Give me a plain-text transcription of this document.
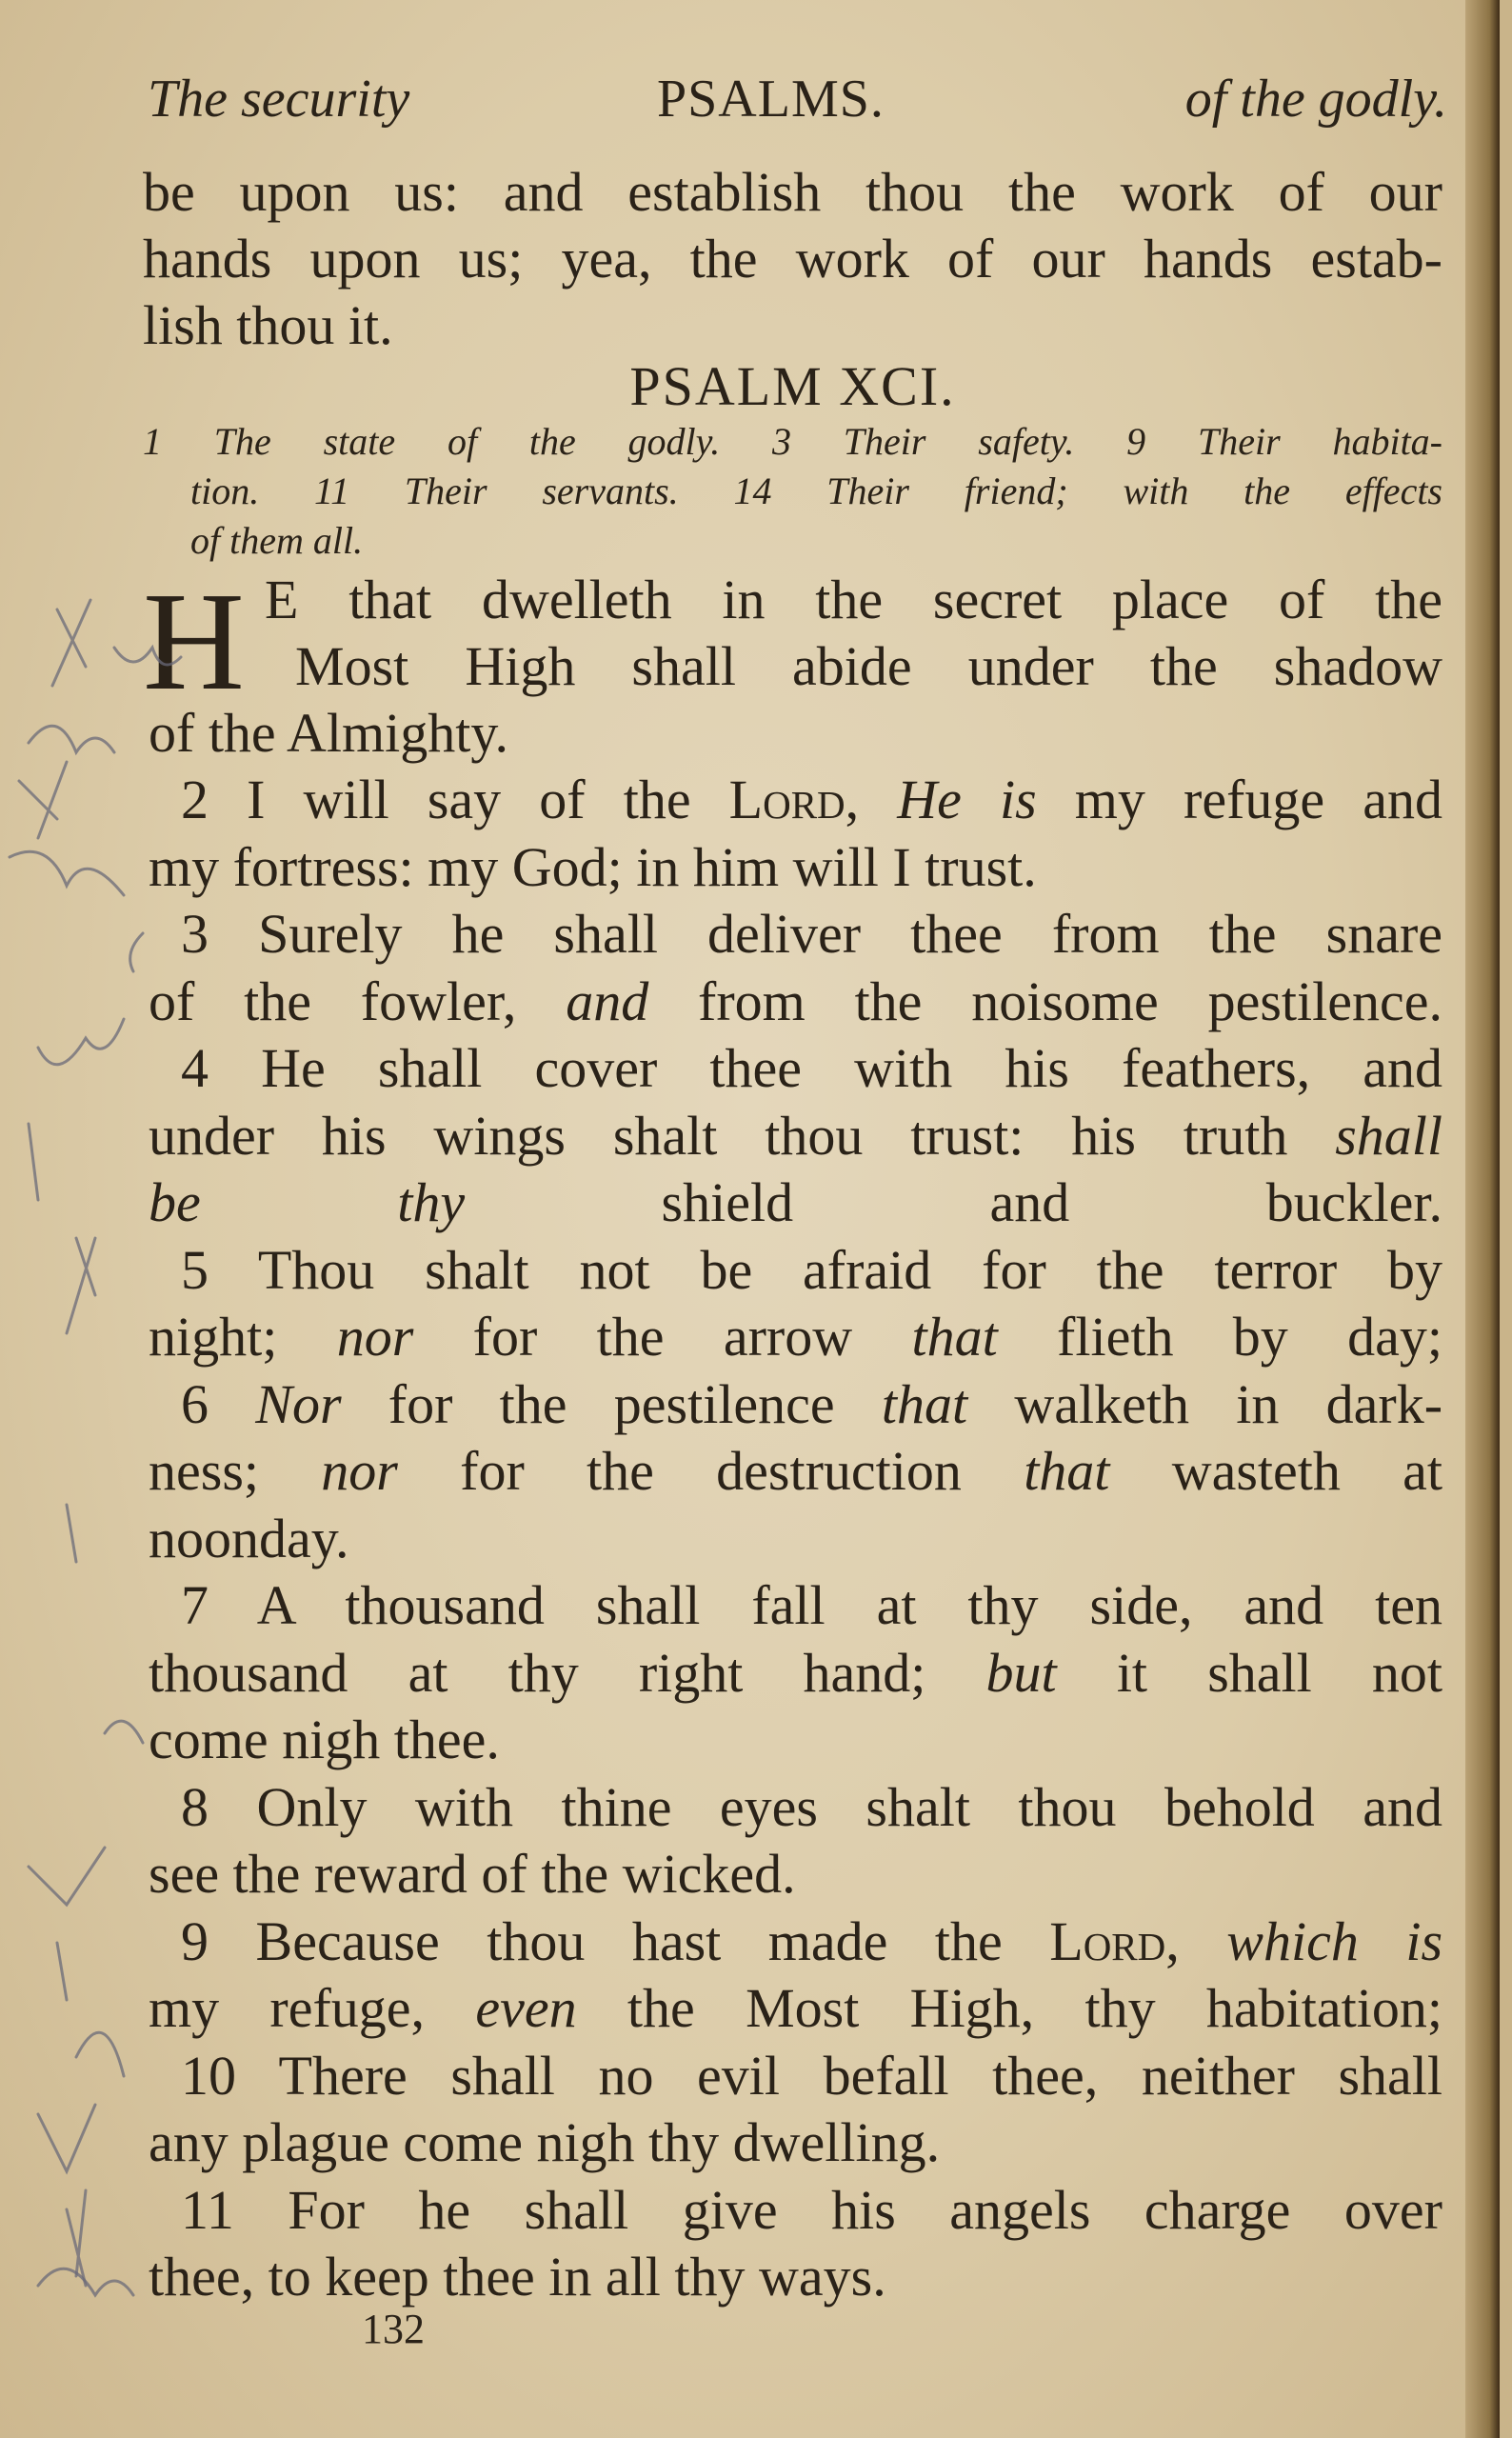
The security	PSALMS.	of the godly.
be upon us: and establish thou the work of our
hands upon us; yea, the work of our hands estab-
lish thou it.
PSALM XCI.
1 The state of the godly. 3 Their safety. 9 Their habita-
tion. 11 Their servants. 14 Their friend; with the effects
of them all.
H E that dwelleth in the secret place of the
Most High shall abide under the shadow
of the Almighty.
2 I will say of the Lord, He is my refuge and
my fortress: my God; in him will I trust.
3 Surely he shall deliver thee from the snare
of the fowler, and from the noisome pestilence.
4 He shall cover thee with his feathers, and
under his wings shalt thou trust: his truth shall
be thy shield and buckler.
5 Thou shalt not be afraid for the terror by
night; nor for the arrow that flieth by day;
6 Nor for the pestilence that walketh in dark-
ness; nor for the destruction that wasteth at
noonday.
7 A thousand shall fall at thy side, and ten
thousand at thy right hand; but it shall not
come nigh thee.
8 Only with thine eyes shalt thou behold and
see the reward of the wicked.
9 Because thou hast made the Lord, which is
my refuge, even the Most High, thy habitation;
10 There shall no evil befall thee, neither shall
any plague come nigh thy dwelling.
11 For he shall give his angels charge over
thee, to keep thee in all thy ways.
132
